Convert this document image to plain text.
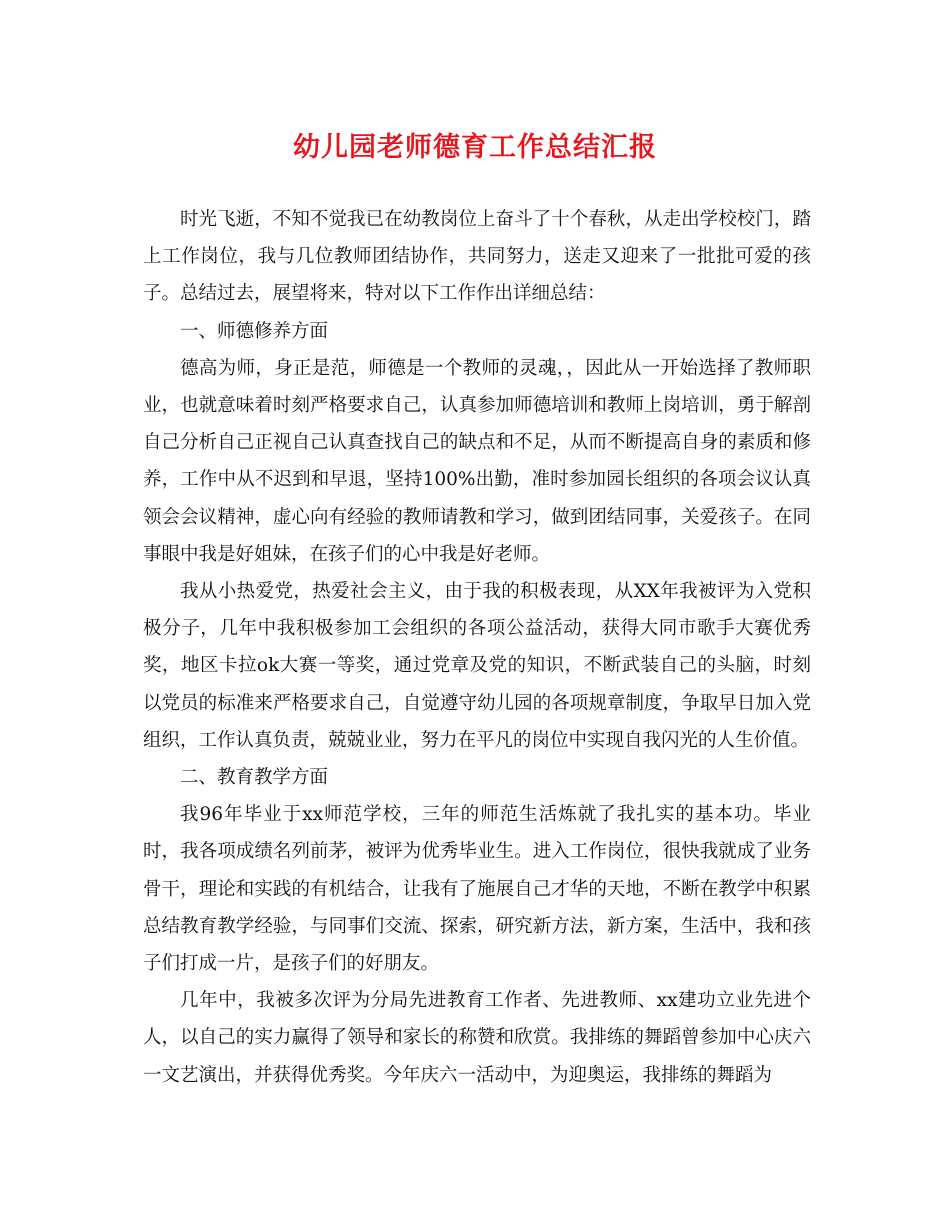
幼儿园老师德育工作总结汇报

时光飞逝，不知不觉我已在幼教岗位上奋斗了十个春秋，从走出学校校门，踏上工作岗位，我与几位教师团结协作，共同努力，送走又迎来了一批批可爱的孩子。总结过去，展望将来，特对以下工作作出详细总结：

一、师德修养方面

德高为师，身正是范，师德是一个教师的灵魂，，因此从一开始选择了教师职业，也就意味着时刻严格要求自己，认真参加师德培训和教师上岗培训，勇于解剖自己分析自己正视自己认真查找自己的缺点和不足，从而不断提高自身的素质和修养，工作中从不迟到和早退，坚持100%出勤，准时参加园长组织的各项会议认真领会会议精神，虚心向有经验的教师请教和学习，做到团结同事，关爱孩子。在同事眼中我是好姐妹，在孩子们的心中我是好老师。

我从小热爱党，热爱社会主义，由于我的积极表现，从XX年我被评为入党积极分子，几年中我积极参加工会组织的各项公益活动，获得大同市歌手大赛优秀奖，地区卡拉ok大赛一等奖，通过党章及党的知识，不断武装自己的头脑，时刻以党员的标准来严格要求自己，自觉遵守幼儿园的各项规章制度，争取早日加入党组织，工作认真负责，兢兢业业，努力在平凡的岗位中实现自我闪光的人生价值。

二、教育教学方面

我96年毕业于xx师范学校，三年的师范生活炼就了我扎实的基本功。毕业时，我各项成绩名列前茅，被评为优秀毕业生。进入工作岗位，很快我就成了业务骨干，理论和实践的有机结合，让我有了施展自己才华的天地，不断在教学中积累总结教育教学经验，与同事们交流、探索，研究新方法，新方案，生活中，我和孩子们打成一片，是孩子们的好朋友。

几年中，我被多次评为分局先进教育工作者、先进教师、xx建功立业先进个人，以自己的实力赢得了领导和家长的称赞和欣赏。我排练的舞蹈曾参加中心庆六一文艺演出，并获得优秀奖。今年庆六一活动中，为迎奥运，我排练的舞蹈为
